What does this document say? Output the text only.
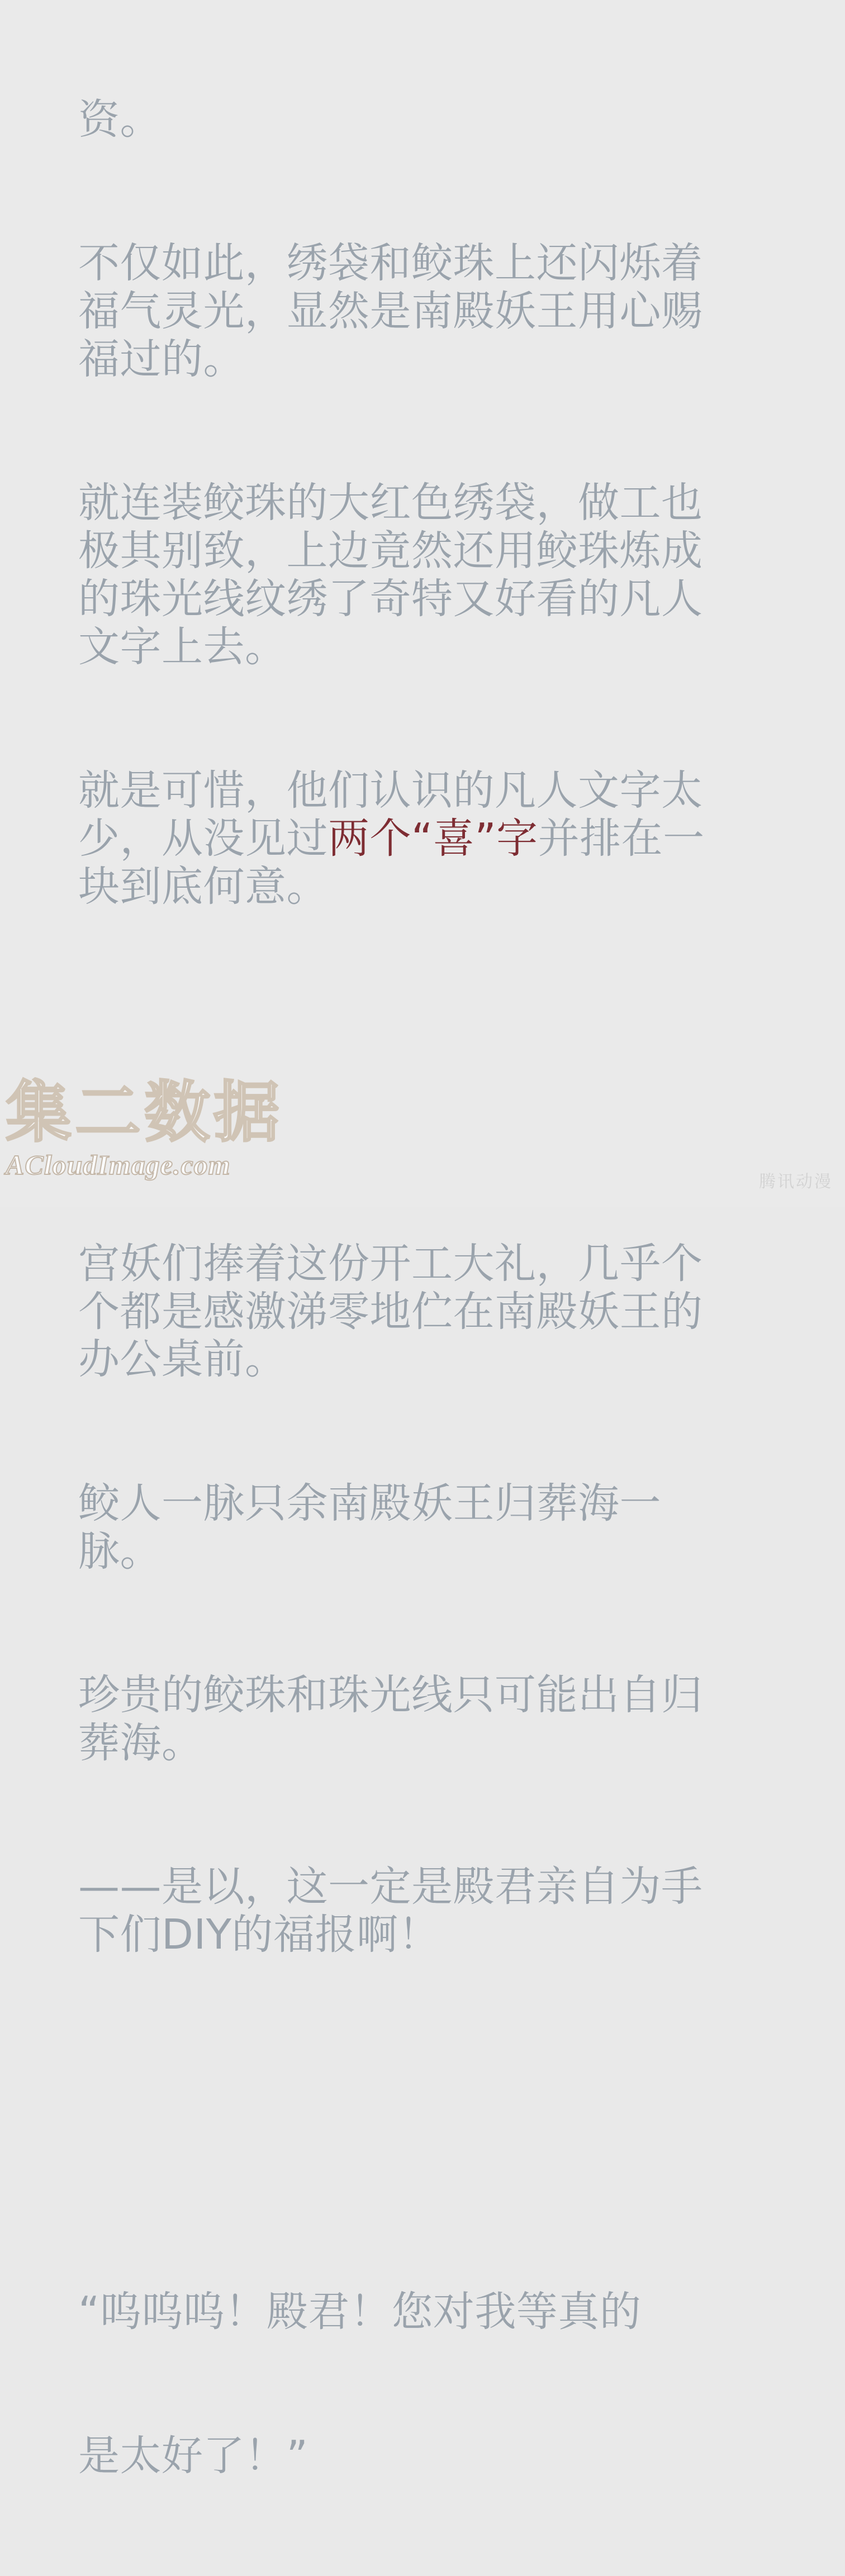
资。

不仅如此，绣袋和鲛珠上还闪烁着福气灵光，显然是南殿妖王用心赐福过的。

就连装鲛珠的大红色绣袋，做工也极其别致，上边竟然还用鲛珠炼成的珠光线纹绣了奇特又好看的凡人文字上去。

就是可惜，他们认识的凡人文字太少，从没见过两个“喜”字并排在一块到底何意。

宫妖们捧着这份开工大礼，几乎个个都是感激涕零地伫在南殿妖王的办公桌前。

鲛人一脉只余南殿妖王归葬海一脉。

珍贵的鲛珠和珠光线只可能出自归葬海。

——是以，这一定是殿君亲自为手下们DIY的福报啊！

“呜呜呜！殿君！您对我等真的

是太好了！”

集二数据
ACloudImage.com
腾讯动漫
